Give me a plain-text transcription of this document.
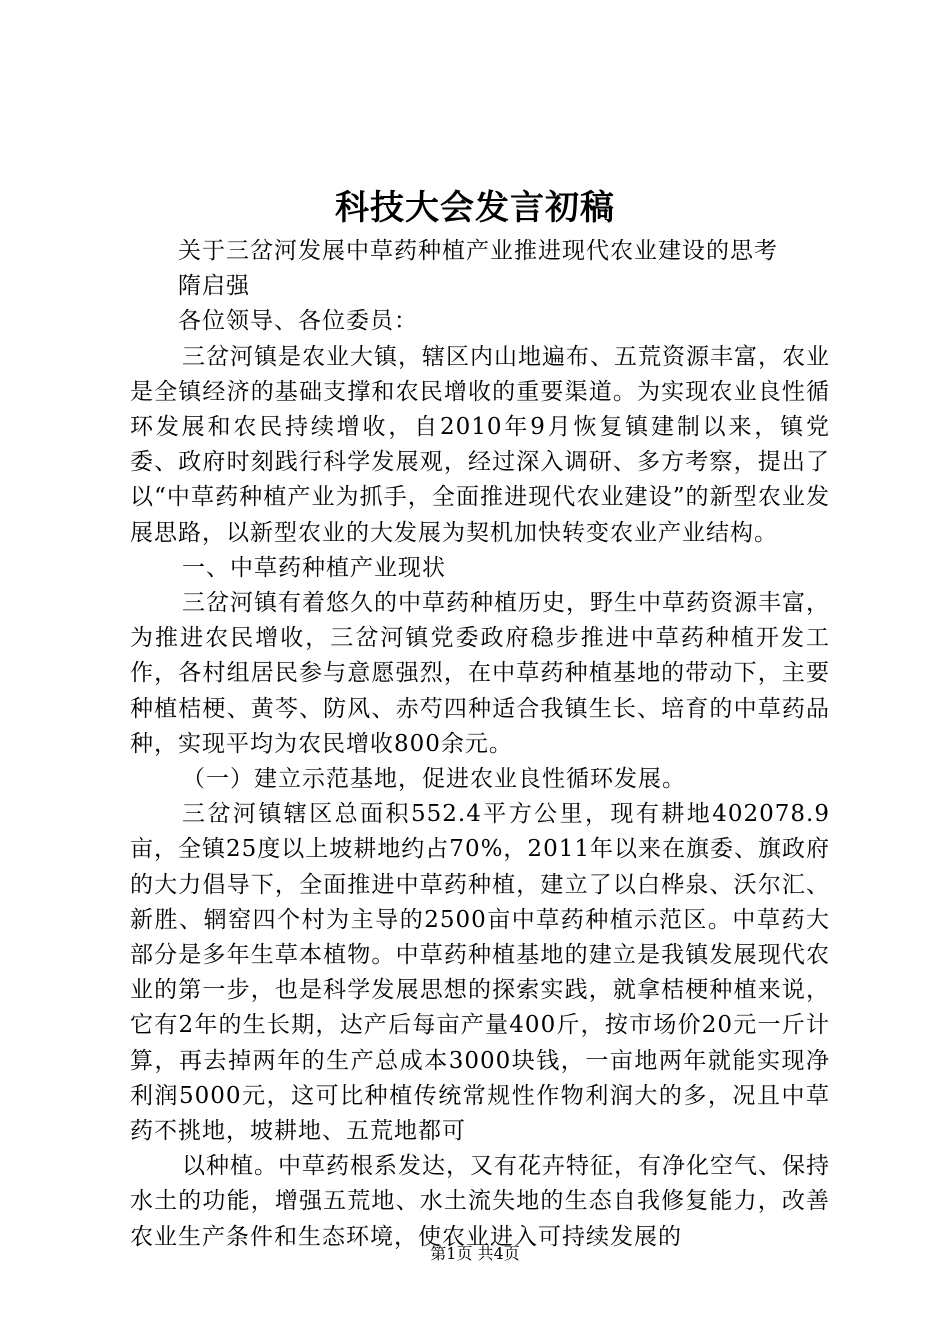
科技大会发言初稿

关于三岔河发展中草药种植产业推进现代农业建设的思考

隋启强

各位领导、各位委员：

三岔河镇是农业大镇，辖区内山地遍布、五荒资源丰富，农业是全镇经济的基础支撑和农民增收的重要渠道。为实现农业良性循环发展和农民持续增收，自2010年9月恢复镇建制以来，镇党委、政府时刻践行科学发展观，经过深入调研、多方考察，提出了以“中草药种植产业为抓手，全面推进现代农业建设”的新型农业发展思路，以新型农业的大发展为契机加快转变农业产业结构。

一、中草药种植产业现状

三岔河镇有着悠久的中草药种植历史，野生中草药资源丰富，为推进农民增收，三岔河镇党委政府稳步推进中草药种植开发工作，各村组居民参与意愿强烈，在中草药种植基地的带动下，主要种植桔梗、黄芩、防风、赤芍四种适合我镇生长、培育的中草药品种，实现平均为农民增收800余元。

（一）建立示范基地，促进农业良性循环发展。

三岔河镇辖区总面积552.4平方公里，现有耕地402078.9亩，全镇25度以上坡耕地约占70%，2011年以来在旗委、旗政府的大力倡导下，全面推进中草药种植，建立了以白桦泉、沃尔汇、新胜、辋窑四个村为主导的2500亩中草药种植示范区。中草药大部分是多年生草本植物。中草药种植基地的建立是我镇发展现代农业的第一步，也是科学发展思想的探索实践，就拿桔梗种植来说，它有2年的生长期，达产后每亩产量400斤，按市场价20元一斤计算，再去掉两年的生产总成本3000块钱，一亩地两年就能实现净利润5000元，这可比种植传统常规性作物利润大的多，况且中草药不挑地，坡耕地、五荒地都可

以种植。中草药根系发达，又有花卉特征，有净化空气、保持水土的功能，增强五荒地、水土流失地的生态自我修复能力，改善农业生产条件和生态环境，使农业进入可持续发展的

第1页 共4页
